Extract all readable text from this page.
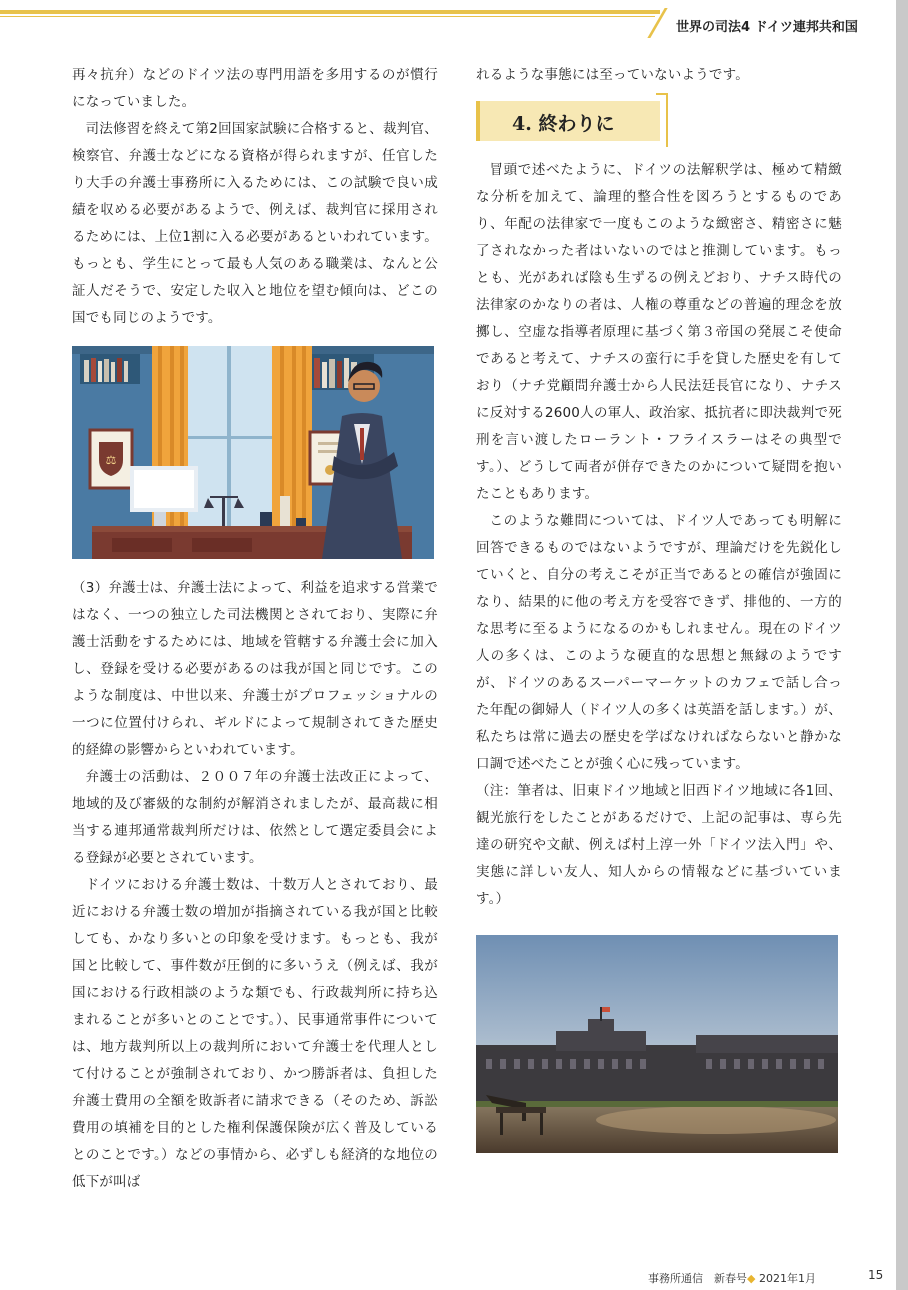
世界の司法4 ドイツ連邦共和国

再々抗弁）などのドイツ法の専門用語を多用するのが慣行になっていました。

司法修習を終えて第2回国家試験に合格すると、裁判官、検察官、弁護士などになる資格が得られますが、任官したり大手の弁護士事務所に入るためには、この試験で良い成績を収める必要があるようで、例えば、裁判官に採用されるためには、上位1割に入る必要があるといわれています。もっとも、学生にとって最も人気のある職業は、なんと公証人だそうで、安定した収入と地位を望む傾向は、どこの国でも同じのようです。

⚖

（3）弁護士は、弁護士法によって、利益を追求する営業ではなく、一つの独立した司法機関とされており、実際に弁護士活動をするためには、地域を管轄する弁護士会に加入し、登録を受ける必要があるのは我が国と同じです。このような制度は、中世以来、弁護士がプロフェッショナルの一つに位置付けられ、ギルドによって規制されてきた歴史的経緯の影響からといわれています。

弁護士の活動は、２００７年の弁護士法改正によって、地域的及び審級的な制約が解消されましたが、最高裁に相当する連邦通常裁判所だけは、依然として選定委員会による登録が必要とされています。

ドイツにおける弁護士数は、十数万人とされており、最近における弁護士数の増加が指摘されている我が国と比較しても、かなり多いとの印象を受けます。もっとも、我が国と比較して、事件数が圧倒的に多いうえ（例えば、我が国における行政相談のような類でも、行政裁判所に持ち込まれることが多いとのことです。）、民事通常事件については、地方裁判所以上の裁判所において弁護士を代理人として付けることが強制されており、かつ勝訴者は、負担した弁護士費用の全額を敗訴者に請求できる（そのため、訴訟費用の填補を目的とした権利保護保険が広く普及しているとのことです。）などの事情から、必ずしも経済的な地位の低下が叫ば

れるような事態には至っていないようです。

4. 終わりに

冒頭で述べたように、ドイツの法解釈学は、極めて精緻な分析を加えて、論理的整合性を図ろうとするものであり、年配の法律家で一度もこのような緻密さ、精密さに魅了されなかった者はいないのではと推測しています。もっとも、光があれば陰も生ずるの例えどおり、ナチス時代の法律家のかなりの者は、人権の尊重などの普遍的理念を放擲し、空虚な指導者原理に基づく第３帝国の発展こそ使命であると考えて、ナチスの蛮行に手を貸した歴史を有しており（ナチ党顧問弁護士から人民法廷長官になり、ナチスに反対する2600人の軍人、政治家、抵抗者に即決裁判で死刑を言い渡したローラント・フライスラーはその典型です。）、どうして両者が併存できたのかについて疑問を抱いたこともあります。

このような難問については、ドイツ人であっても明解に回答できるものではないようですが、理論だけを先鋭化していくと、自分の考えこそが正当であるとの確信が強固になり、結果的に他の考え方を受容できず、排他的、一方的な思考に至るようになるのかもしれません。現在のドイツ人の多くは、このような硬直的な思想と無縁のようですが、ドイツのあるスーパーマーケットのカフェで話し合った年配の御婦人（ドイツ人の多くは英語を話します。）が、私たちは常に過去の歴史を学ばなければならないと静かな口調で述べたことが強く心に残っています。

（注：筆者は、旧東ドイツ地域と旧西ドイツ地域に各1回、観光旅行をしたことがあるだけで、上記の記事は、専ら先達の研究や文献、例えば村上淳一外「ドイツ法入門」や、実態に詳しい友人、知人からの情報などに基づいています。）

事務所通信　新春号◆ 2021年1月	15
